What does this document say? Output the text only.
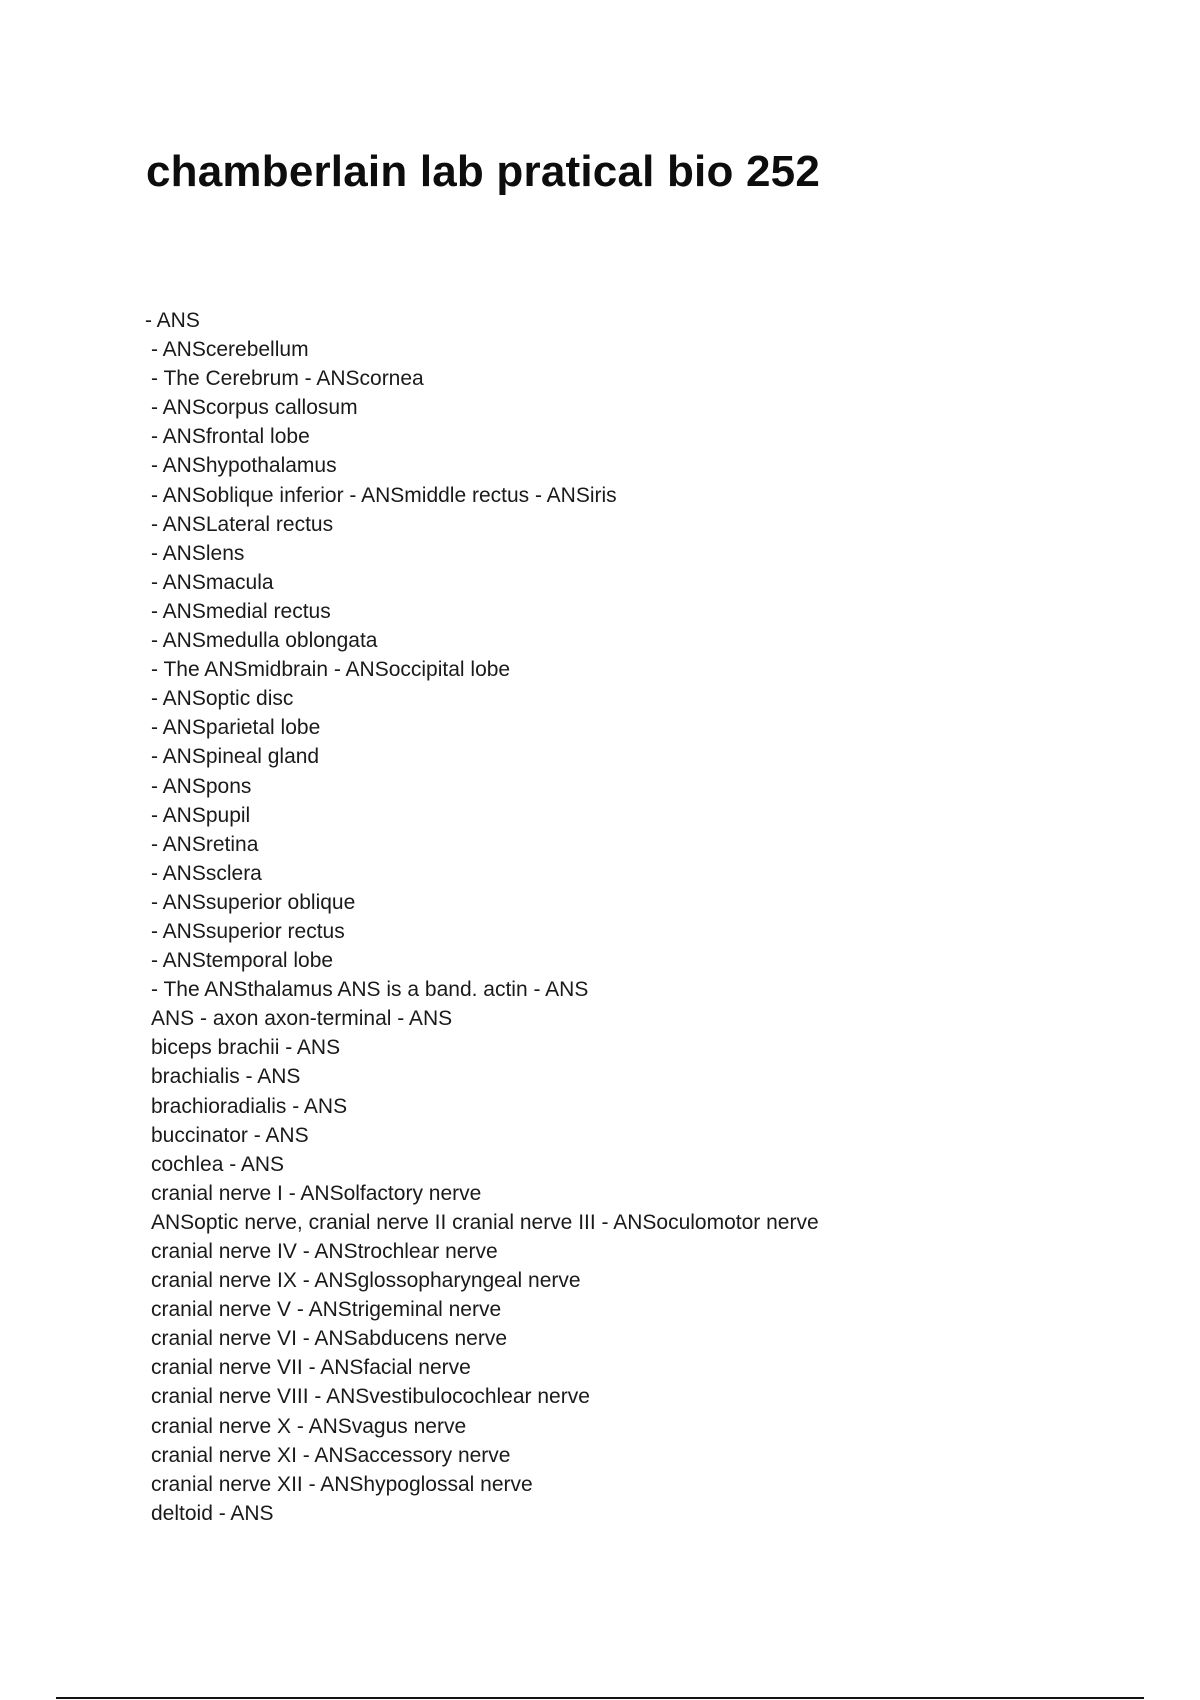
chamberlain lab pratical bio 252
- ANS
- ANScerebellum
- The Cerebrum - ANScornea
- ANScorpus callosum
- ANSfrontal lobe
- ANShypothalamus
- ANSoblique inferior - ANSmiddle rectus - ANSiris
- ANSLateral rectus
- ANSlens
- ANSmacula
- ANSmedial rectus
- ANSmedulla oblongata
- The ANSmidbrain - ANSoccipital lobe
- ANSoptic disc
- ANSparietal lobe
- ANSpineal gland
- ANSpons
- ANSpupil
- ANSretina
- ANSsclera
- ANSsuperior oblique
- ANSsuperior rectus
- ANStemporal lobe
- The ANSthalamus ANS is a band. actin - ANS
ANS - axon axon-terminal - ANS
biceps brachii - ANS
brachialis - ANS
brachioradialis - ANS
buccinator - ANS
cochlea - ANS
cranial nerve I - ANSolfactory nerve
ANSoptic nerve, cranial nerve II cranial nerve III - ANSoculomotor nerve
cranial nerve IV - ANStrochlear nerve
cranial nerve IX - ANSglossopharyngeal nerve
cranial nerve V - ANStrigeminal nerve
cranial nerve VI - ANSabducens nerve
cranial nerve VII - ANSfacial nerve
cranial nerve VIII - ANSvestibulocochlear nerve
cranial nerve X - ANSvagus nerve
cranial nerve XI - ANSaccessory nerve
cranial nerve XII - ANShypoglossal nerve
deltoid - ANS
